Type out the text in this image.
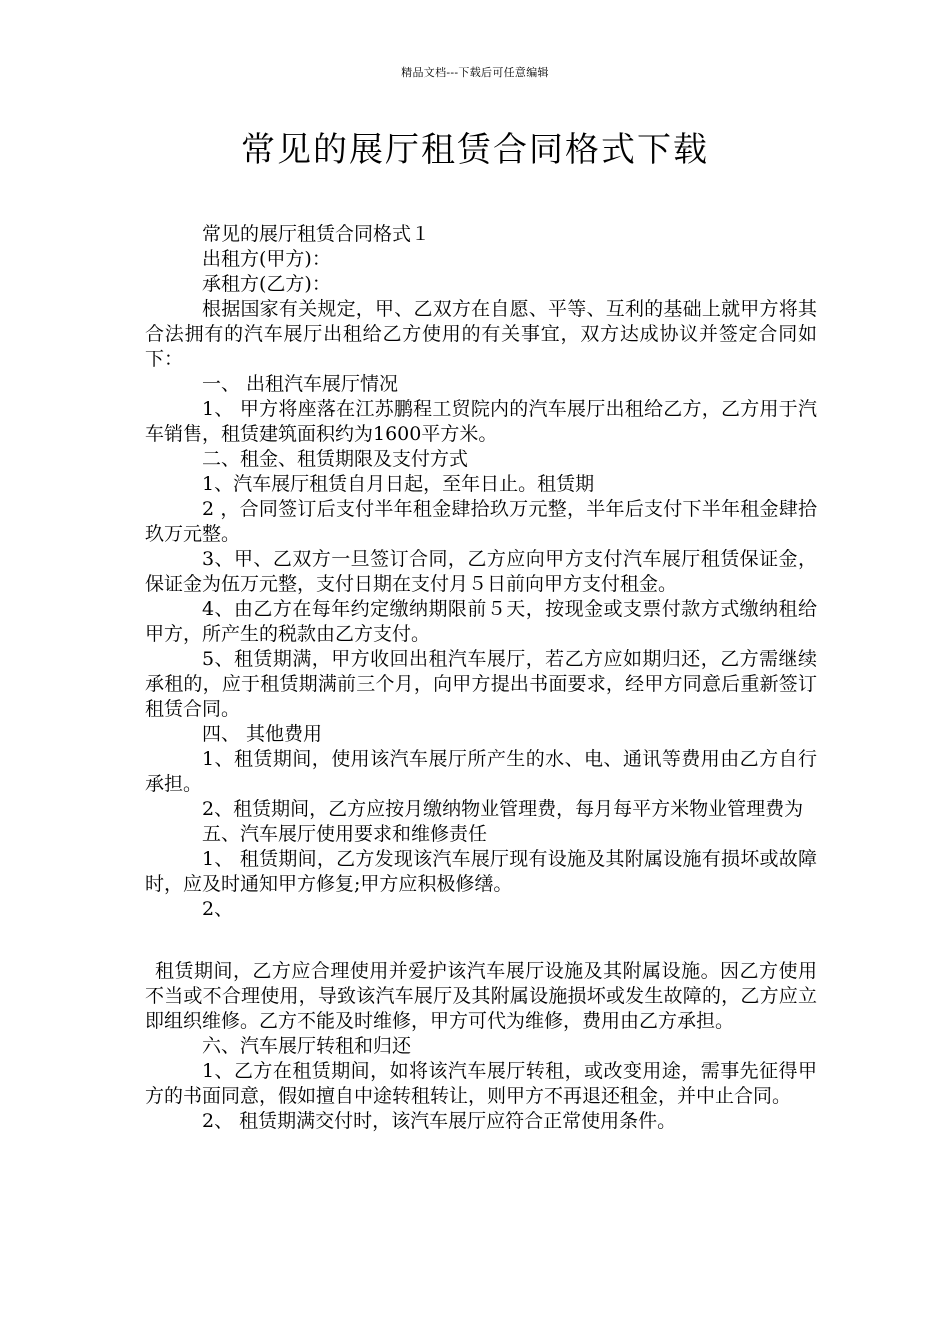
精品文档---下载后可任意编辑
常见的展厅租赁合同格式下载

常见的展厅租赁合同格式１

出租方(甲方)：

承租方(乙方)：

根据国家有关规定，甲、乙双方在自愿、平等、互利的基础上就甲方将其合法拥有的汽车展厅出租给乙方使用的有关事宜，双方达成协议并签定合同如下：

一、 出租汽车展厅情况

1、 甲方将座落在江苏鹏程工贸院内的汽车展厅出租给乙方，乙方用于汽车销售，租赁建筑面积约为1600平方米。

二、租金、租赁期限及支付方式

1、汽车展厅租赁自月日起，至年日止。租赁期

2 ，合同签订后支付半年租金肆拾玖万元整，半年后支付下半年租金肆拾玖万元整。

3、甲、乙双方一旦签订合同，乙方应向甲方支付汽车展厅租赁保证金，保证金为伍万元整，支付日期在支付月５日前向甲方支付租金。

4、由乙方在每年约定缴纳期限前５天，按现金或支票付款方式缴纳租给甲方，所产生的税款由乙方支付。

5、租赁期满，甲方收回出租汽车展厅，若乙方应如期归还，乙方需继续承租的，应于租赁期满前三个月，向甲方提出书面要求，经甲方同意后重新签订租赁合同。

四、 其他费用

1、租赁期间，使用该汽车展厅所产生的水、电、通讯等费用由乙方自行承担。

2、租赁期间，乙方应按月缴纳物业管理费，每月每平方米物业管理费为

五、汽车展厅使用要求和维修责任

1、 租赁期间，乙方发现该汽车展厅现有设施及其附属设施有损坏或故障时，应及时通知甲方修复;甲方应积极修缮。

2、

租赁期间，乙方应合理使用并爱护该汽车展厅设施及其附属设施。因乙方使用不当或不合理使用，导致该汽车展厅及其附属设施损坏或发生故障的，乙方应立即组织维修。乙方不能及时维修，甲方可代为维修，费用由乙方承担。

六、汽车展厅转租和归还

1、乙方在租赁期间，如将该汽车展厅转租，或改变用途，需事先征得甲方的书面同意，假如擅自中途转租转让，则甲方不再退还租金，并中止合同。

2、 租赁期满交付时，该汽车展厅应符合正常使用条件。
